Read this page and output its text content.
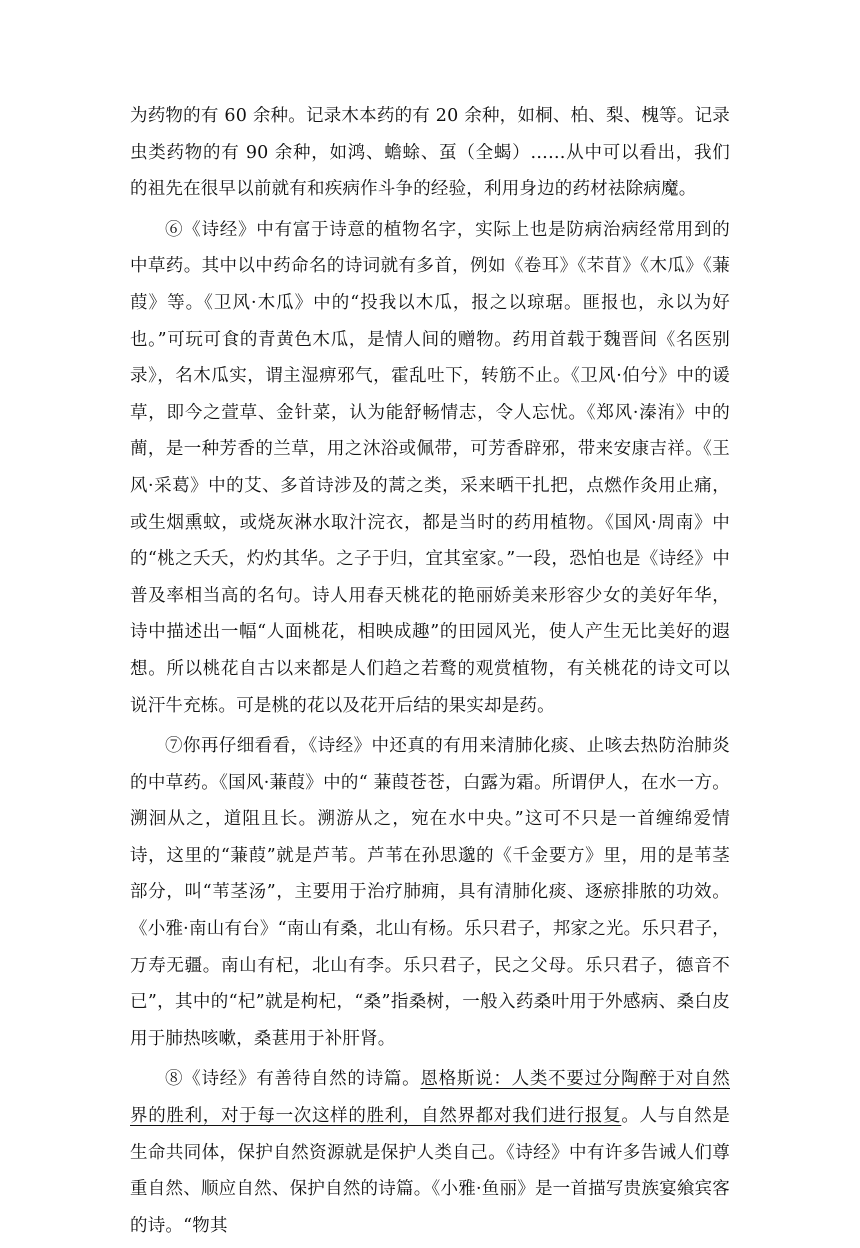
为药物的有 60 余种。记录木本药的有 20 余种，如桐、柏、梨、槐等。记录虫类药物的有 90 余种，如鸿、蟾蜍、虿（全蝎）……从中可以看出，我们的祖先在很早以前就有和疾病作斗争的经验，利用身边的药材祛除病魔。

⑥《诗经》中有富于诗意的植物名字，实际上也是防病治病经常用到的中草药。其中以中药命名的诗词就有多首，例如《卷耳》《芣苜》《木瓜》《蒹葭》等。《卫风·木瓜》中的“投我以木瓜，报之以琼琚。匪报也，永以为好也。”可玩可食的青黄色木瓜，是情人间的赠物。药用首载于魏晋间《名医别录》，名木瓜实，谓主湿痹邪气，霍乱吐下，转筋不止。《卫风·伯兮》中的谖草，即今之萱草、金针菜，认为能舒畅情志，令人忘忧。《郑风·溱洧》中的蕳，是一种芳香的兰草，用之沐浴或佩带，可芳香辟邪，带来安康吉祥。《王风·采葛》中的艾、多首诗涉及的蒿之类，采来晒干扎把，点燃作灸用止痛，或生烟熏蚊，或烧灰淋水取汁浣衣，都是当时的药用植物。《国风·周南》中的“桃之夭夭，灼灼其华。之子于归，宜其室家。”一段，恐怕也是《诗经》中普及率相当高的名句。诗人用春天桃花的艳丽娇美来形容少女的美好年华，诗中描述出一幅“人面桃花，相映成趣”的田园风光，使人产生无比美好的遐想。所以桃花自古以来都是人们趋之若鹜的观赏植物，有关桃花的诗文可以说汗牛充栋。可是桃的花以及花开后结的果实却是药。

⑦你再仔细看看，《诗经》中还真的有用来清肺化痰、止咳去热防治肺炎的中草药。《国风·蒹葭》中的“ 蒹葭苍苍，白露为霜。所谓伊人，在水一方。溯洄从之，道阻且长。溯游从之，宛在水中央。”这可不只是一首缠绵爱情诗，这里的“蒹葭”就是芦苇。芦苇在孙思邈的《千金要方》里，用的是苇茎部分，叫“苇茎汤”，主要用于治疗肺痈，具有清肺化痰、逐瘀排脓的功效。《小雅·南山有台》“南山有桑，北山有杨。乐只君子，邦家之光。乐只君子，万寿无疆。南山有杞，北山有李。乐只君子，民之父母。乐只君子，德音不已”，其中的“杞”就是枸杞，“桑”指桑树，一般入药桑叶用于外感病、桑白皮用于肺热咳嗽，桑葚用于补肝肾。

⑧《诗经》有善待自然的诗篇。恩格斯说：人类不要过分陶醉于对自然界的胜利，对于每一次这样的胜利，自然界都对我们进行报复。人与自然是生命共同体，保护自然资源就是保护人类自己。《诗经》中有许多告诫人们尊重自然、顺应自然、保护自然的诗篇。《小雅·鱼丽》是一首描写贵族宴飨宾客的诗。“物其
